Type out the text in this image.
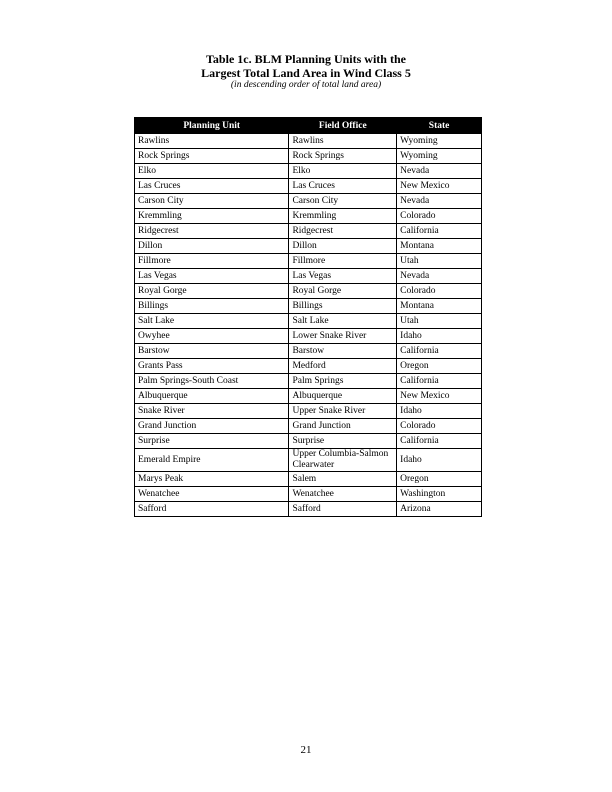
Table 1c. BLM Planning Units with the
Largest Total Land Area in Wind Class 5
(in descending order of total land area)
Planning Unit	Field Office	State
Rawlins	Rawlins	Wyoming
Rock Springs	Rock Springs	Wyoming
Elko	Elko	Nevada
Las Cruces	Las Cruces	New Mexico
Carson City	Carson City	Nevada
Kremmling	Kremmling	Colorado
Ridgecrest	Ridgecrest	California
Dillon	Dillon	Montana
Fillmore	Fillmore	Utah
Las Vegas	Las Vegas	Nevada
Royal Gorge	Royal Gorge	Colorado
Billings	Billings	Montana
Salt Lake	Salt Lake	Utah
Owyhee	Lower Snake River	Idaho
Barstow	Barstow	California
Grants Pass	Medford	Oregon
Palm Springs-South Coast	Palm Springs	California
Albuquerque	Albuquerque	New Mexico
Snake River	Upper Snake River	Idaho
Grand Junction	Grand Junction	Colorado
Surprise	Surprise	California
Emerald Empire	Upper Columbia-Salmon Clearwater	Idaho
Marys Peak	Salem	Oregon
Wenatchee	Wenatchee	Washington
Safford	Safford	Arizona
21
